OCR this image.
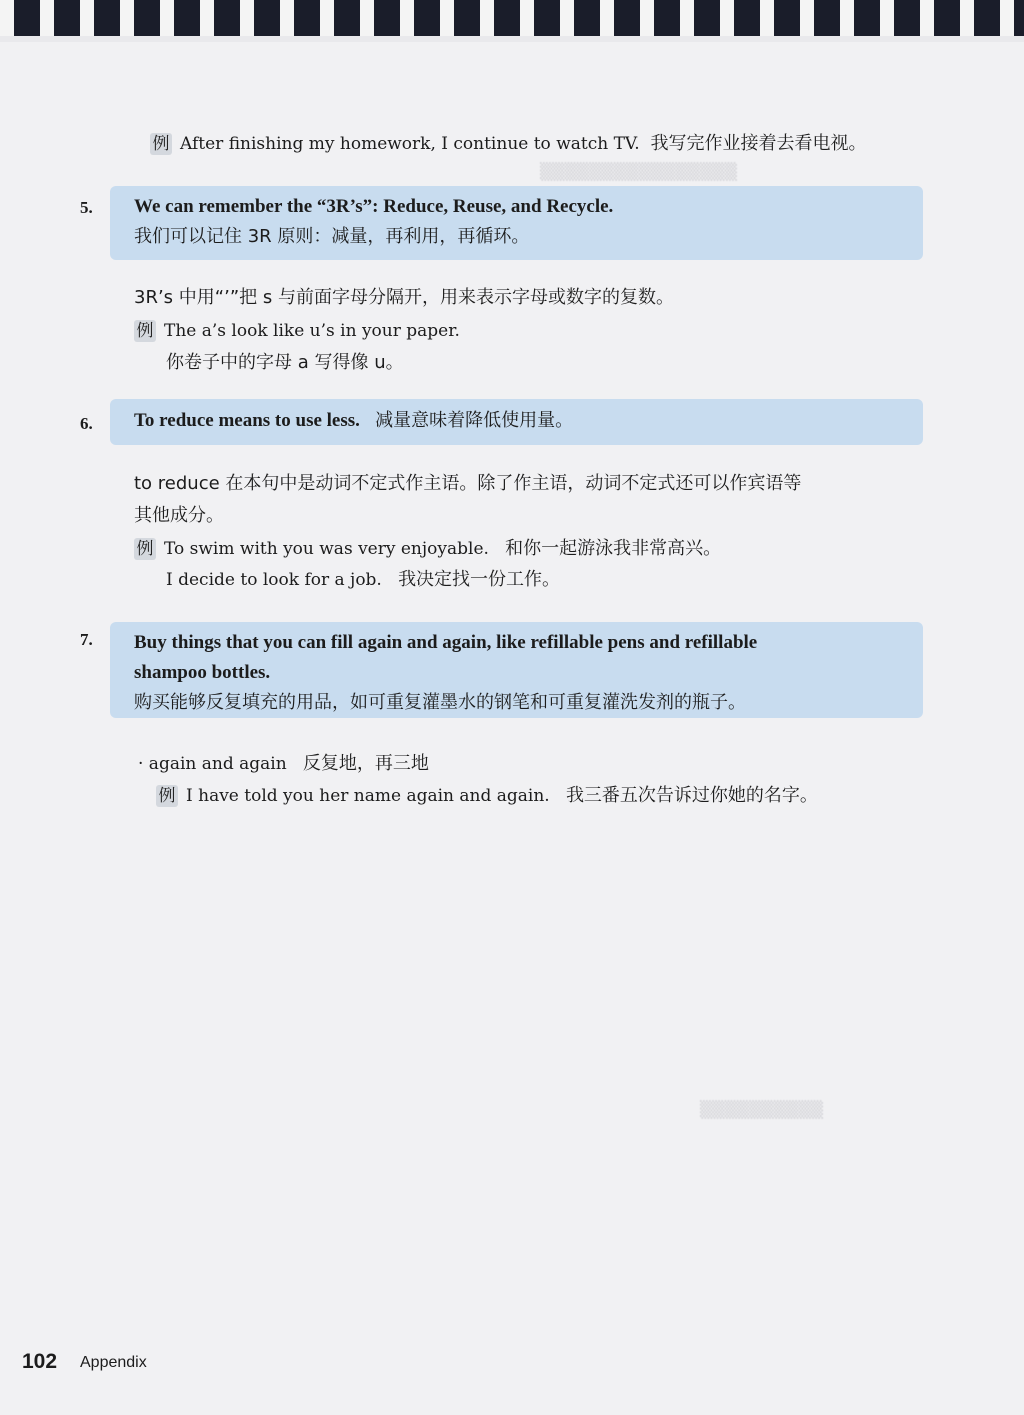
▒▒▒▒▒▒▒▒▒▒▒▒▒▒▒▒
▒▒▒▒▒▒▒▒▒▒
例 After finishing my homework, I continue to watch TV. 我写完作业接着去看电视。
5. We can remember the “3R’s”: Reduce, Reuse, and Recycle.
我们可以记住 3R 原则：减量，再利用，再循环。
3R’s 中用“’”把 s 与前面字母分隔开，用来表示字母或数字的复数。
例 The a’s look like u’s in your paper.
你卷子中的字母 a 写得像 u。
6.	To reduce means to use less. 减量意味着降低使用量。
to reduce 在本句中是动词不定式作主语。除了作主语，动词不定式还可以作宾语等
其他成分。
例 To swim with you was very enjoyable. 和你一起游泳我非常高兴。
I decide to look for a job. 我决定找一份工作。
7. Buy things that you can fill again and again, like refillable pens and refillable
shampoo bottles.
购买能够反复填充的用品，如可重复灌墨水的钢笔和可重复灌洗发剂的瓶子。
· again and again 反复地，再三地
例 I have told you her name again and again. 我三番五次告诉过你她的名字。
102 Appendix
